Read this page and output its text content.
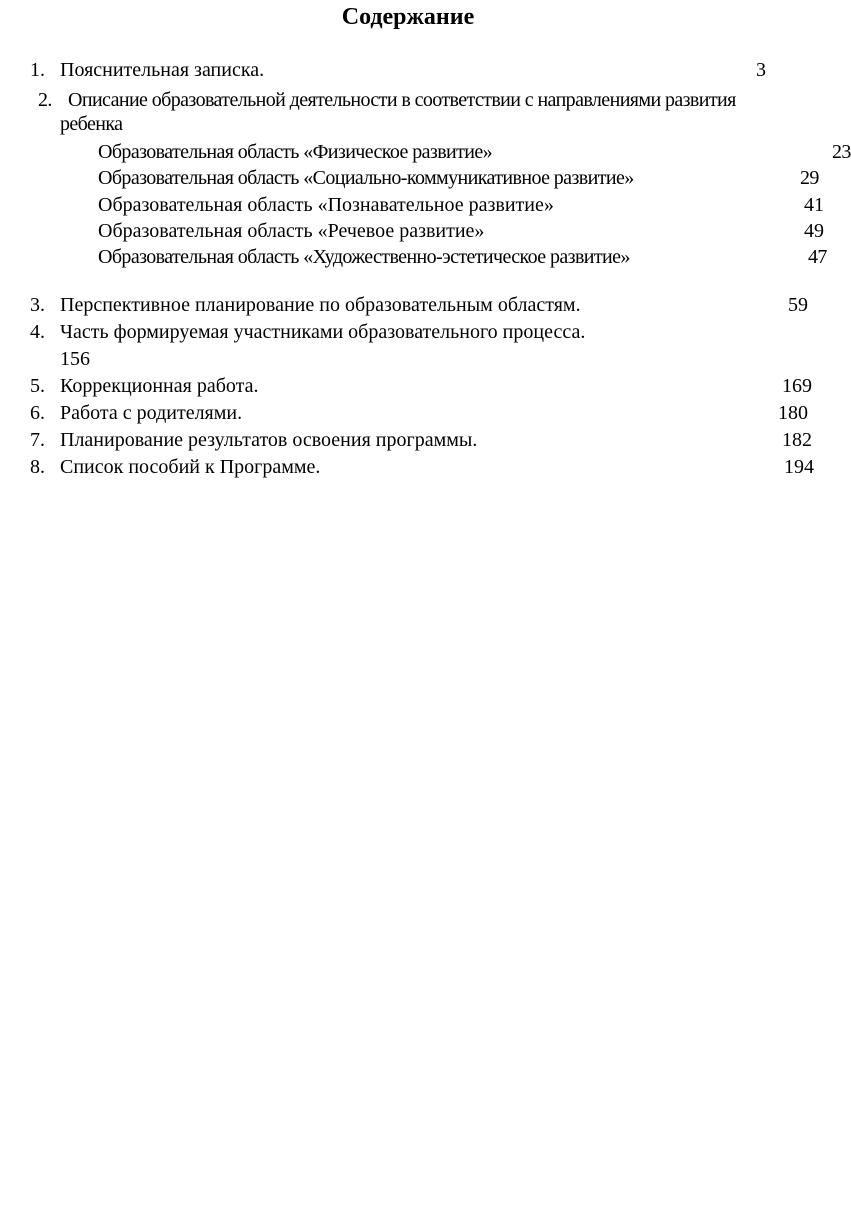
Содержание
1. Пояснительная записка.	3
2. Описание образовательной деятельности в соответствии с направлениями развития
ребенка
Образовательная область «Физическое развитие»	23
Образовательная область «Социально-коммуникативное развитие»	29
Образовательная область «Познавательное развитие»	41
Образовательная область «Речевое развитие»	49
Образовательная область «Художественно-эстетическое развитие»	47
3. Перспективное планирование по образовательным областям.	59
4. Часть формируемая участниками образовательного процесса.
156
5. Коррекционная работа.	169
6. Работа с родителями.	180
7. Планирование результатов освоения программы.	182
8. Список пособий к Программе.	194
